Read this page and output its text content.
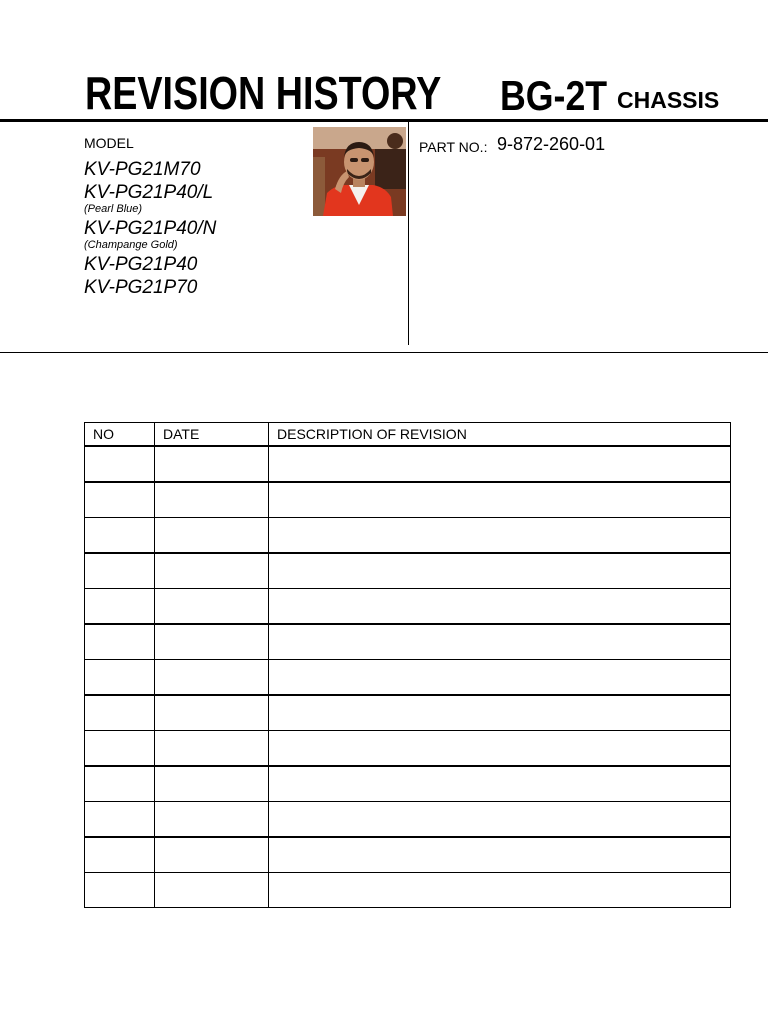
REVISION HISTORY BG-2T CHASSIS
MODEL
KV-PG21M70
KV-PG21P40/L
(Pearl Blue)
KV-PG21P40/N
(Champange Gold)
KV-PG21P40
KV-PG21P70
PART NO.: 9-872-260-01
NO	DATE	DESCRIPTION OF REVISION
